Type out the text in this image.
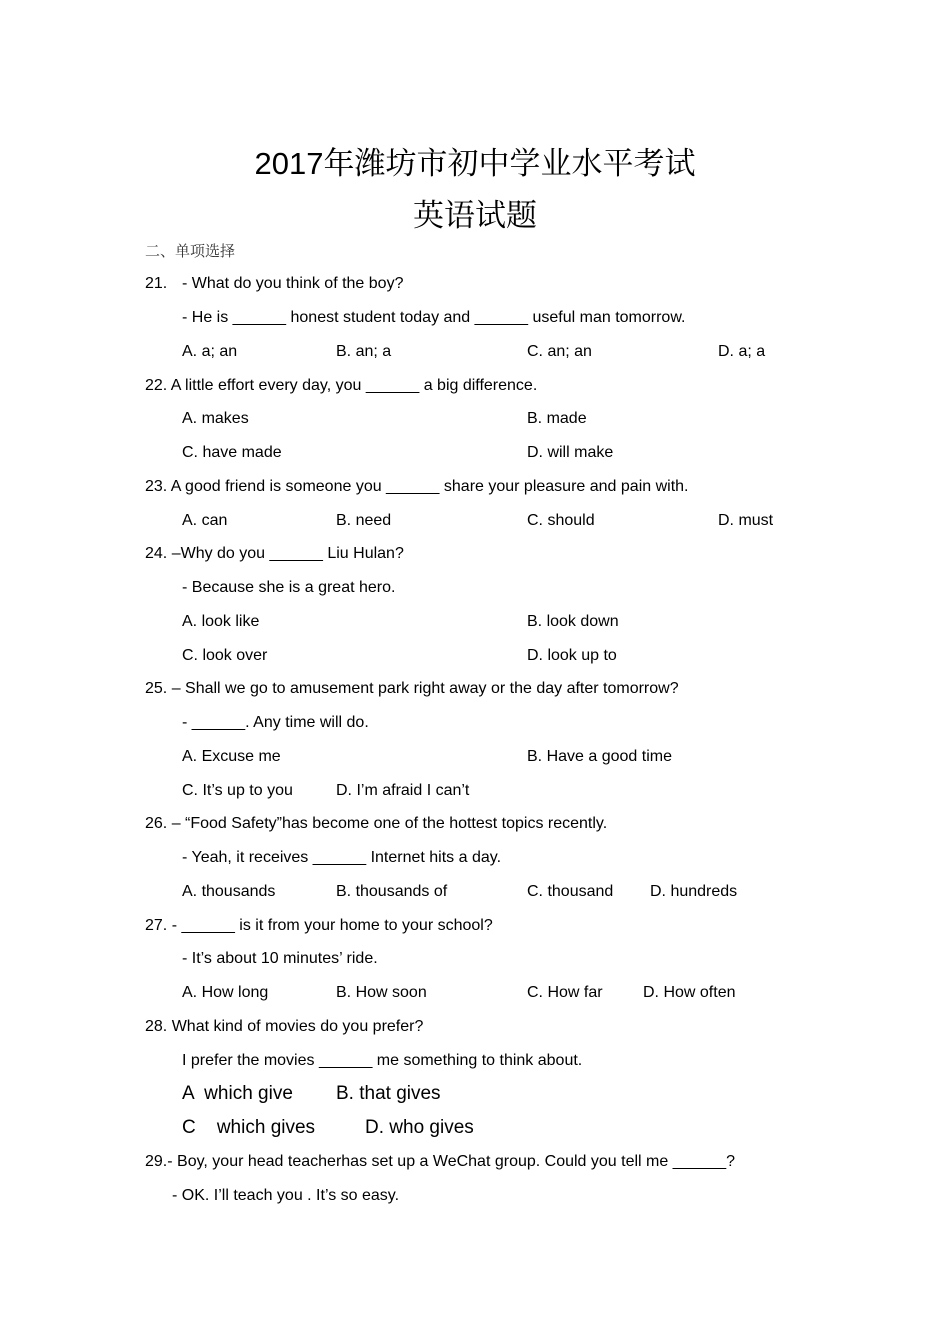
2017年潍坊市初中学业水平考试
英语试题
二、单项选择
21. - What do you think of the boy?
- He is ______ honest student today and ______ useful man tomorrow.
A. a; an	B. an; a	C. an; an	D. a; a
22. A little effort every day, you ______ a big difference.
A. makes	B. made
C. have made	D. will make
23. A good friend is someone you ______ share your pleasure and pain with.
A. can	B. need	C. should	D. must
24. –Why do you ______ Liu Hulan?
- Because she is a great hero.
A. look like	B. look down
C. look over	D. look up to
25. – Shall we go to amusement park right away or the day after tomorrow?
- ______. Any time will do.
A. Excuse me	B. Have a good time
C. It’s up to you	D. I’m afraid I can’t
26. – “Food Safety”has become one of the hottest topics recently.
- Yeah, it receives ______ Internet hits a day.
A. thousands	B. thousands of	C. thousand D. hundreds
27. - ______ is it from your home to your school?
- It’s about 10 minutes’ ride.
A. How long	B. How soon	C. How far	D. How often
28. What kind of movies do you prefer?
I prefer the movies ______ me something to think about.
A  which give B. that gives
C    which gives	D. who gives
29.- Boy, your head teacherhas set up a WeChat group. Could you tell me ______?
- OK. I’ll teach you . It’s so easy.
